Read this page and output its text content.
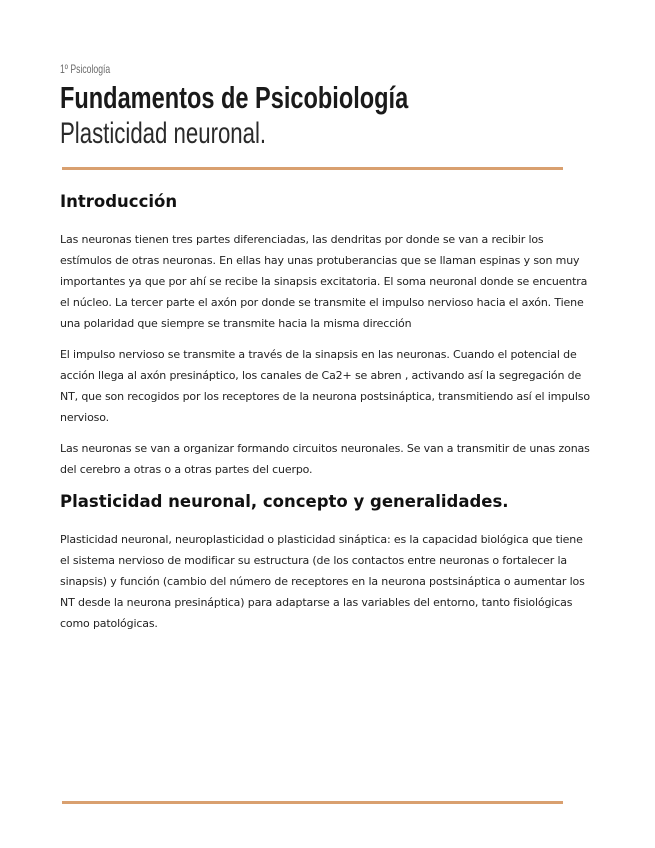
1º Psicología
Fundamentos de Psicobiología
Plasticidad neuronal.
Introducción

Las neuronas tienen tres partes diferenciadas, las dendritas por donde se van a recibir los estímulos de otras neuronas. En ellas hay unas protuberancias que se llaman espinas y son muy importantes ya que por ahí se recibe la sinapsis excitatoria. El soma neuronal donde se encuentra el núcleo. La tercer parte el axón por donde se transmite el impulso nervioso hacia el axón. Tiene una polaridad que siempre se transmite hacia la misma dirección

El impulso nervioso se transmite a través de la sinapsis en las neuronas. Cuando el potencial de acción llega al axón presináptico, los canales de Ca2+ se abren , activando así la segregación de NT, que son recogidos por los receptores de la neurona postsináptica, transmitiendo así el impulso nervioso.

Las neuronas se van a organizar formando circuitos neuronales. Se van a transmitir de unas zonas del cerebro a otras o a otras partes del cuerpo.

Plasticidad neuronal, concepto y generalidades.

Plasticidad neuronal, neuroplasticidad o plasticidad sináptica: es la capacidad biológica que tiene el sistema nervioso de modificar su estructura (de los contactos entre neuronas o fortalecer la sinapsis) y función (cambio del número de receptores en la neurona postsináptica o aumentar los NT desde la neurona presináptica) para adaptarse a las variables del entorno, tanto fisiológicas como patológicas.
